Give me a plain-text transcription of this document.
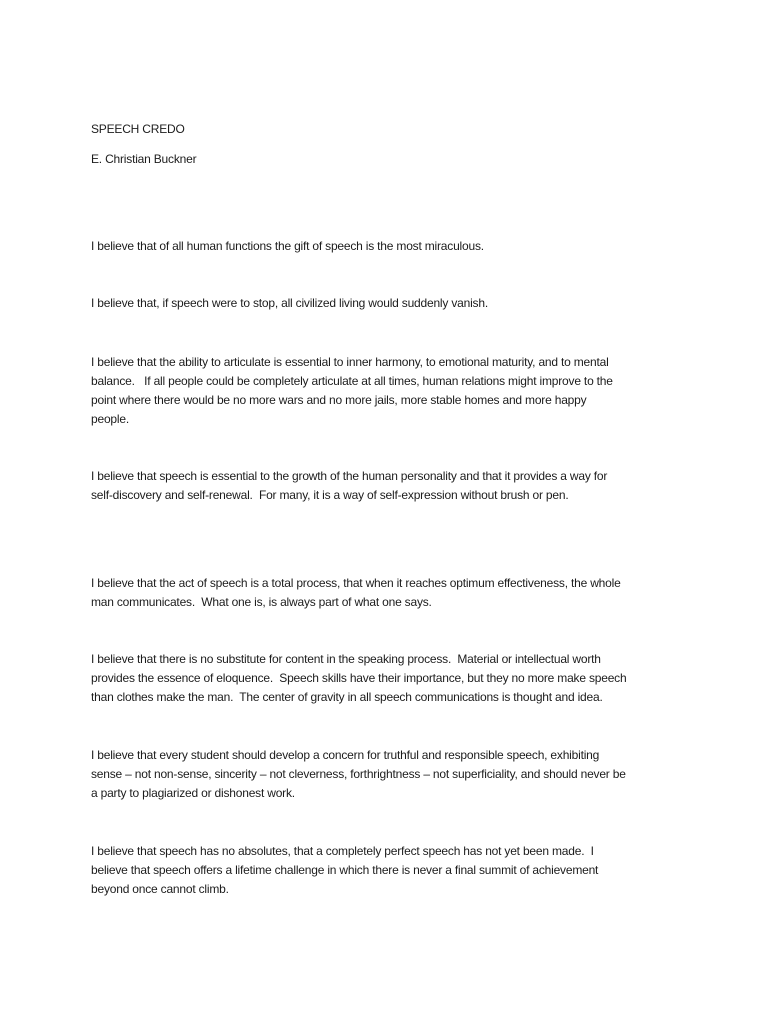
SPEECH CREDO
E. Christian Buckner
I believe that of all human functions the gift of speech is the most miraculous.
I believe that, if speech were to stop, all civilized living would suddenly vanish.
I believe that the ability to articulate is essential to inner harmony, to emotional maturity, and to mental
balance.   If all people could be completely articulate at all times, human relations might improve to the
point where there would be no more wars and no more jails, more stable homes and more happy
people.
I believe that speech is essential to the growth of the human personality and that it provides a way for
self-discovery and self-renewal.  For many, it is a way of self-expression without brush or pen.
I believe that the act of speech is a total process, that when it reaches optimum effectiveness, the whole
man communicates.  What one is, is always part of what one says.
I believe that there is no substitute for content in the speaking process.  Material or intellectual worth
provides the essence of eloquence.  Speech skills have their importance, but they no more make speech
than clothes make the man.  The center of gravity in all speech communications is thought and idea.
I believe that every student should develop a concern for truthful and responsible speech, exhibiting
sense – not non-sense, sincerity – not cleverness, forthrightness – not superficiality, and should never be
a party to plagiarized or dishonest work.
I believe that speech has no absolutes, that a completely perfect speech has not yet been made.  I
believe that speech offers a lifetime challenge in which there is never a final summit of achievement
beyond once cannot climb.
